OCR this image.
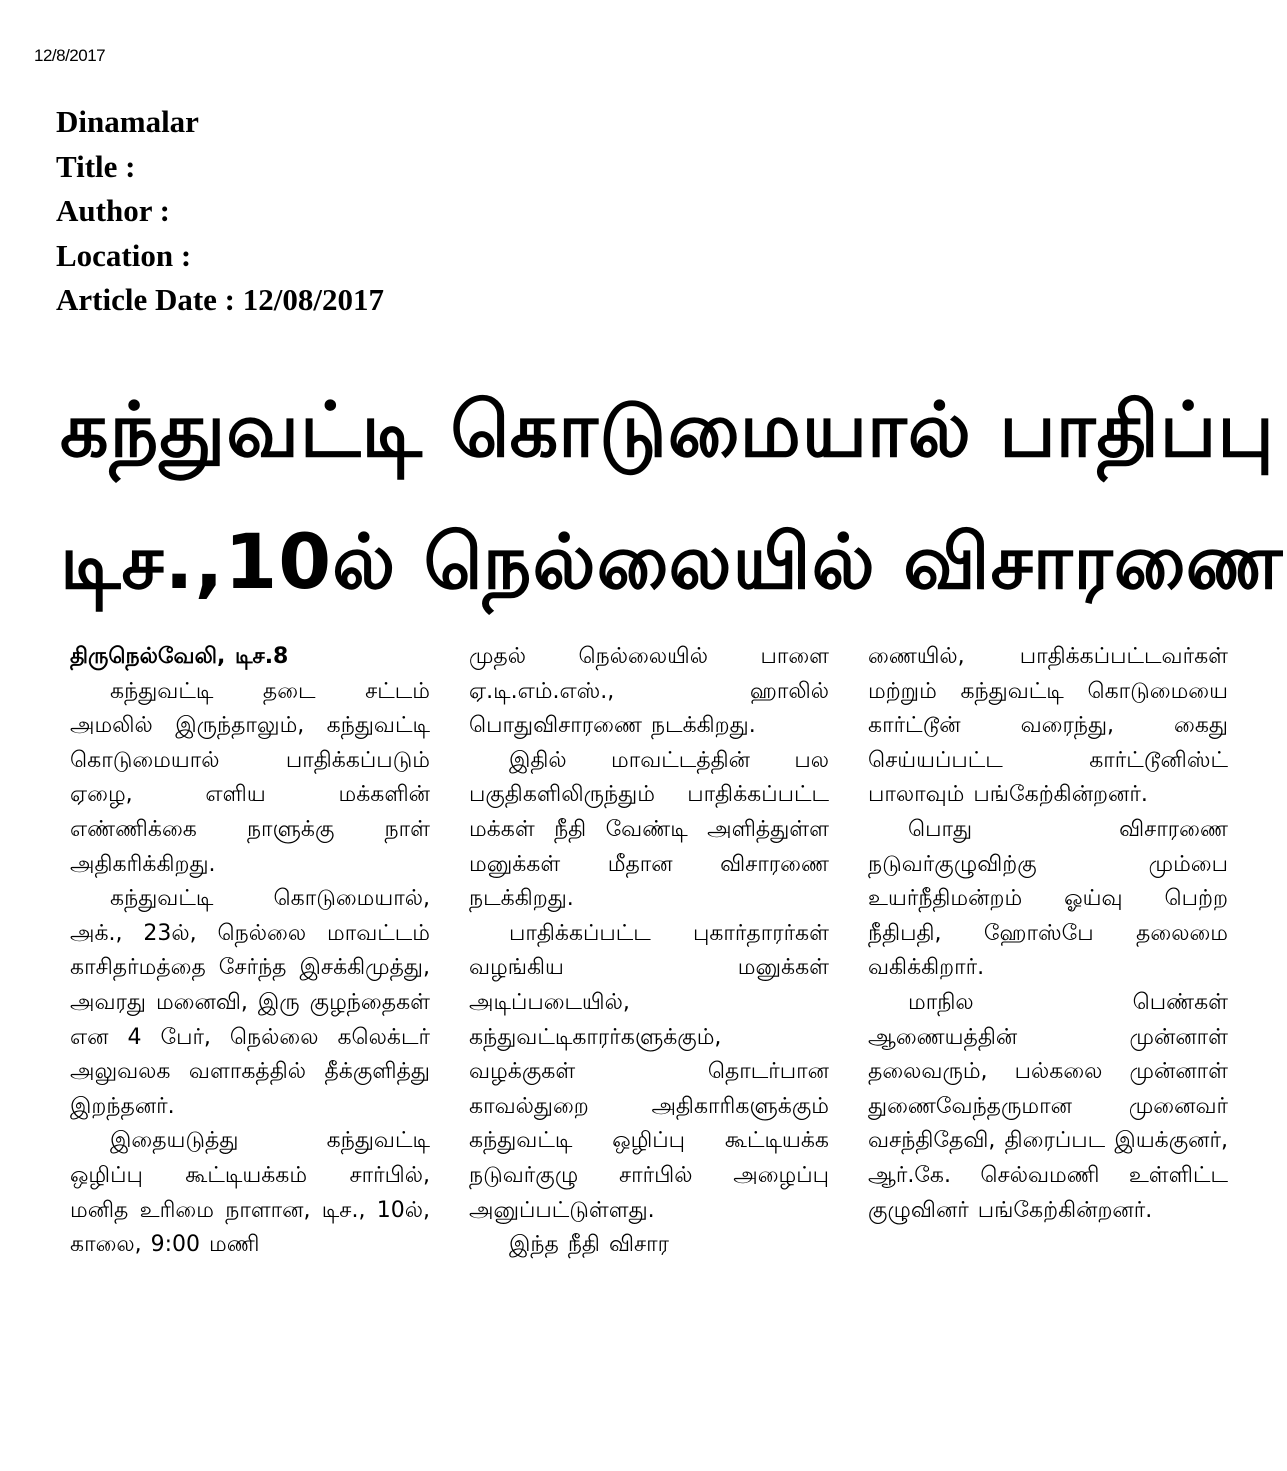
12/8/2017
Dinamalar
Title :
Author :
Location :
Article Date : 12/08/2017
கந்துவட்டி கொடுமையால் பாதிப்பு
டிச.,10ல் நெல்லையில் விசாரணை

திருநெல்வேலி, டிச.8

கந்துவட்டி தடை சட்டம் அமலில் இருந்தாலும், கந்துவட்டி கொடுமையால் பாதிக்கப்படும் ஏழை, எளிய மக்களின் எண்ணிக்கை நாளுக்கு நாள் அதிகரிக்கிறது.

கந்துவட்டி கொடுமையால், அக்., 23ல், நெல்லை மாவட்டம் காசிதர்மத்தை சேர்ந்த இசக்கிமுத்து, அவரது மனைவி, இரு குழந்தைகள் என 4 பேர், நெல்லை கலெக்டர் அலுவலக வளாகத்தில் தீக்குளித்து இறந்தனர்.

இதையடுத்து கந்துவட்டி ஒழிப்பு கூட்டியக்கம் சார்பில், மனித உரிமை நாளான, டிச., 10ல், காலை, 9:00 மணி

முதல் நெல்லையில் பாளை ஏ.டி.எம்.எஸ்., ஹாலில் பொதுவிசாரணை நடக்கிறது.

இதில் மாவட்டத்தின் பல பகுதிகளிலிருந்தும் பாதிக்கப்பட்ட மக்கள் நீதி வேண்டி அளித்துள்ள மனுக்கள் மீதான விசாரணை நடக்கிறது.

பாதிக்கப்பட்ட புகார்தாரர்கள் வழங்கிய மனுக்கள் அடிப்படையில், கந்துவட்டிகாரர்களுக்கும், வழக்குகள் தொடர்பான காவல்துறை அதிகாரிகளுக்கும் கந்துவட்டி ஒழிப்பு கூட்டியக்க நடுவர்குழு சார்பில் அழைப்பு அனுப்பட்டுள்ளது.

இந்த நீதி விசார

ணையில், பாதிக்கப்பட்டவர்கள் மற்றும் கந்துவட்டி கொடுமையை கார்ட்டூன் வரைந்து, கைது செய்யப்பட்ட கார்ட்டூனிஸ்ட் பாலாவும் பங்கேற்கின்றனர்.

பொது விசாரணை நடுவர்குழுவிற்கு மும்பை உயர்நீதிமன்றம் ஓய்வு பெற்ற நீதிபதி, ஹோஸ்பே தலைமை வகிக்கிறார்.

மாநில பெண்கள் ஆணையத்தின் முன்னாள் தலைவரும், பல்கலை முன்னாள் துணைவேந்தருமான முனைவர் வசந்திதேவி, திரைப்பட இயக்குனர், ஆர்.கே. செல்வமணி உள்ளிட்ட குழுவினர் பங்கேற்கின்றனர்.
